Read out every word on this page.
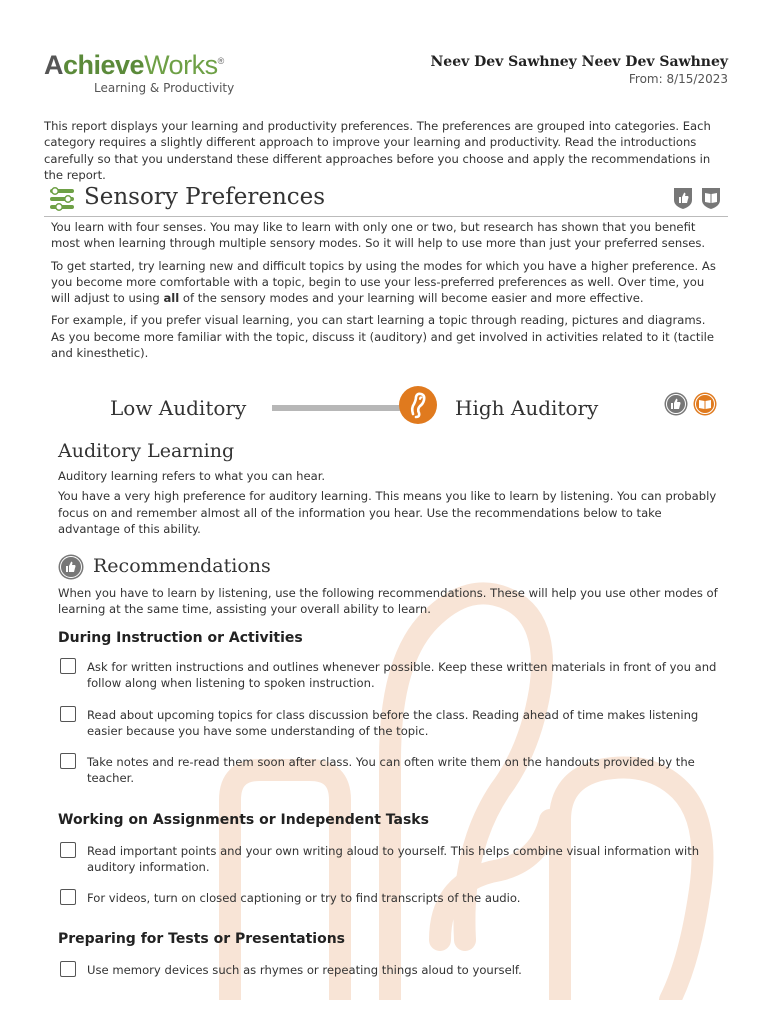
AchieveWorks®
Learning & Productivity
Neev Dev Sawhney Neev Dev Sawhney
From: 8/15/2023
This report displays your learning and productivity preferences. The preferences are grouped into categories. Each category requires a slightly different approach to improve your learning and productivity. Read the introductions carefully so that you understand these different approaches before you choose and apply the recommendations in the report.
Sensory Preferences

You learn with four senses. You may like to learn with only one or two, but research has shown that you benefit most when learning through multiple sensory modes. So it will help to use more than just your preferred senses.

To get started, try learning new and difficult topics by using the modes for which you have a higher preference. As you become more comfortable with a topic, begin to use your less-preferred preferences as well. Over time, you will adjust to using all of the sensory modes and your learning will become easier and more effective.

For example, if you prefer visual learning, you can start learning a topic through reading, pictures and diagrams. As you become more familiar with the topic, discuss it (auditory) and get involved in activities related to it (tactile and kinesthetic).

Low Auditory	High Auditory
Auditory Learning

Auditory learning refers to what you can hear.

You have a very high preference for auditory learning. This means you like to learn by listening. You can probably focus on and remember almost all of the information you hear. Use the recommendations below to take advantage of this ability.

Recommendations
When you have to learn by listening, use the following recommendations. These will help you use other modes of learning at the same time, assisting your overall ability to learn.
During Instruction or Activities
Ask for written instructions and outlines whenever possible. Keep these written materials in front of you and follow along when listening to spoken instruction.
Read about upcoming topics for class discussion before the class. Reading ahead of time makes listening easier because you have some understanding of the topic.
Take notes and re-read them soon after class. You can often write them on the handouts provided by the teacher.
Working on Assignments or Independent Tasks
Read important points and your own writing aloud to yourself. This helps combine visual information with auditory information.
For videos, turn on closed captioning or try to find transcripts of the audio.
Preparing for Tests or Presentations
Use memory devices such as rhymes or repeating things aloud to yourself.
